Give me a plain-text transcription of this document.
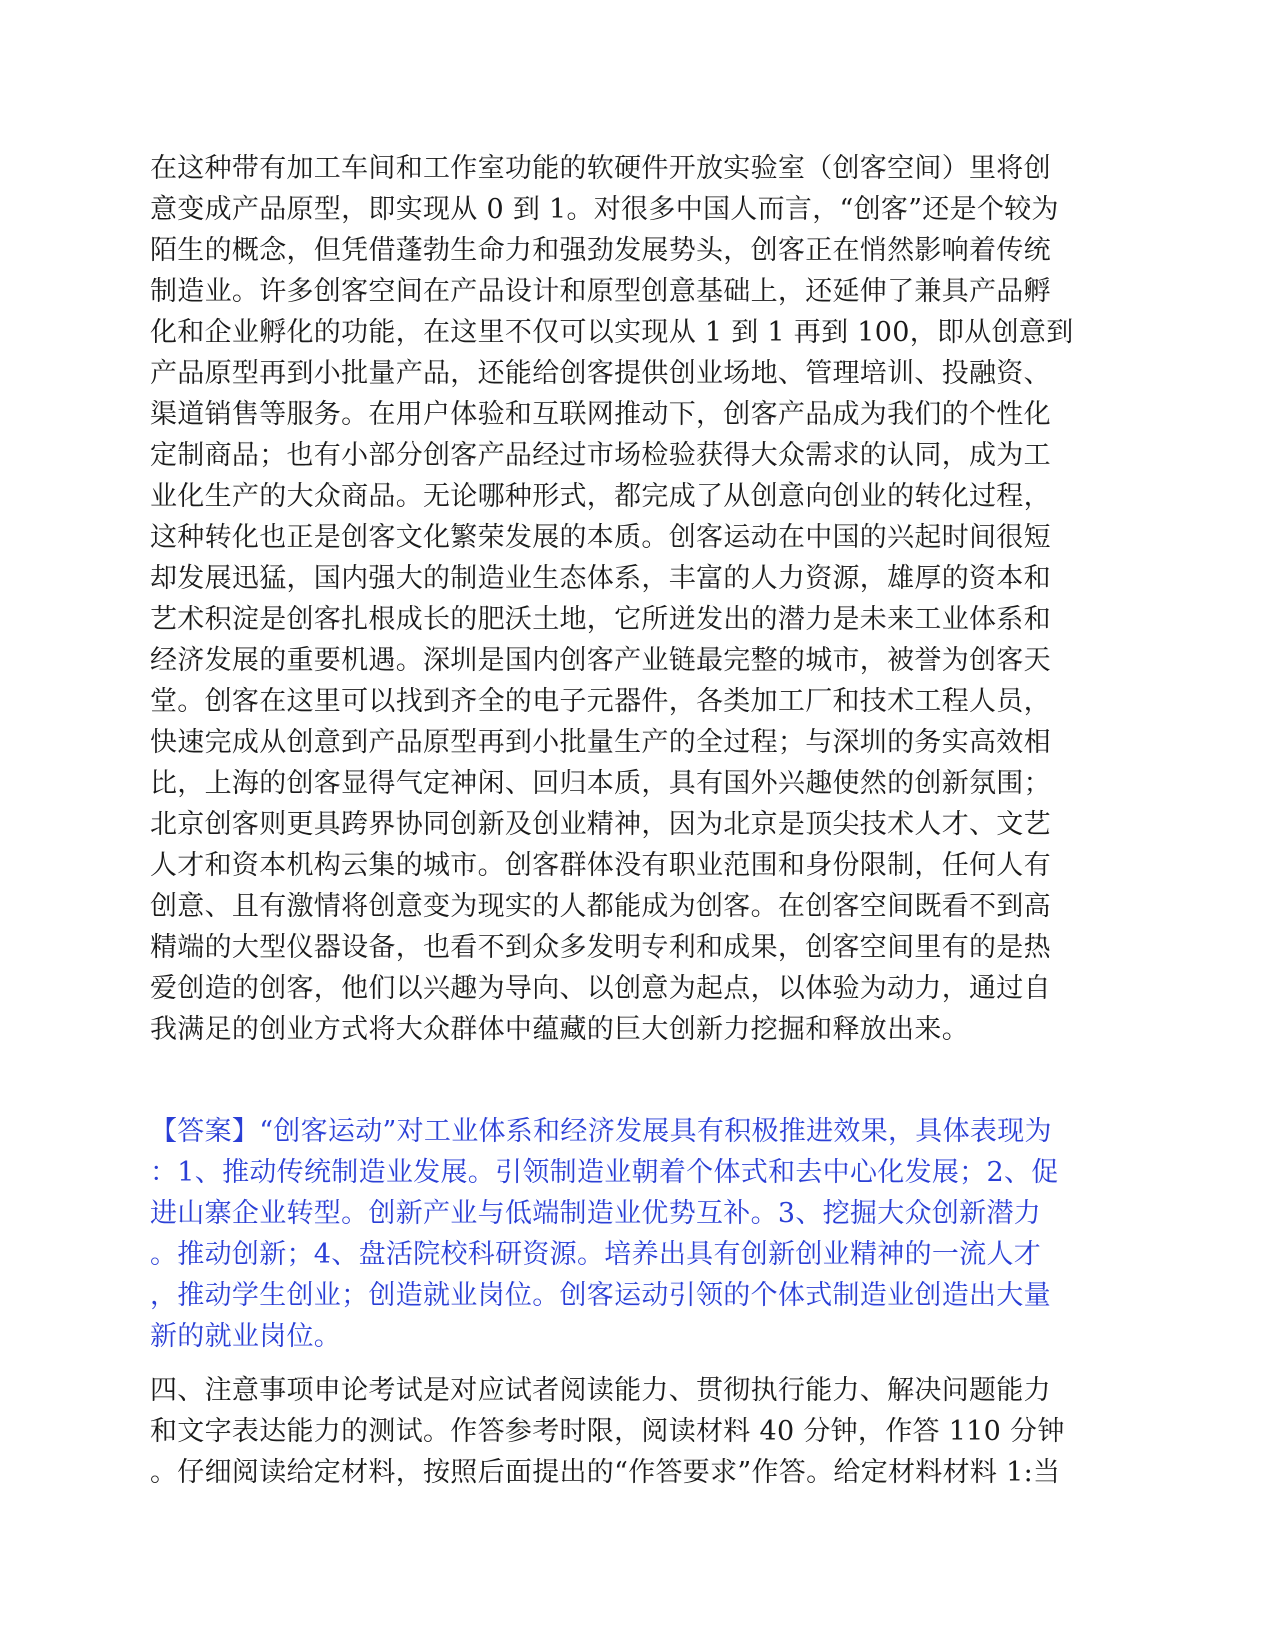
在这种带有加工车间和工作室功能的软硬件开放实验室（创客空间）里将创
意变成产品原型，即实现从 0 到 1。对很多中国人而言，“创客”还是个较为
陌生的概念，但凭借蓬勃生命力和强劲发展势头，创客正在悄然影响着传统
制造业。许多创客空间在产品设计和原型创意基础上，还延伸了兼具产品孵
化和企业孵化的功能，在这里不仅可以实现从 1 到 1 再到 100，即从创意到
产品原型再到小批量产品，还能给创客提供创业场地、管理培训、投融资、
渠道销售等服务。在用户体验和互联网推动下，创客产品成为我们的个性化
定制商品；也有小部分创客产品经过市场检验获得大众需求的认同，成为工
业化生产的大众商品。无论哪种形式，都完成了从创意向创业的转化过程，
这种转化也正是创客文化繁荣发展的本质。创客运动在中国的兴起时间很短
却发展迅猛，国内强大的制造业生态体系，丰富的人力资源，雄厚的资本和
艺术积淀是创客扎根成长的肥沃土地，它所迸发出的潜力是未来工业体系和
经济发展的重要机遇。深圳是国内创客产业链最完整的城市，被誉为创客天
堂。创客在这里可以找到齐全的电子元器件，各类加工厂和技术工程人员，
快速完成从创意到产品原型再到小批量生产的全过程；与深圳的务实高效相
比，上海的创客显得气定神闲、回归本质，具有国外兴趣使然的创新氛围；
北京创客则更具跨界协同创新及创业精神，因为北京是顶尖技术人才、文艺
人才和资本机构云集的城市。创客群体没有职业范围和身份限制，任何人有
创意、且有激情将创意变为现实的人都能成为创客。在创客空间既看不到高
精端的大型仪器设备，也看不到众多发明专利和成果，创客空间里有的是热
爱创造的创客，他们以兴趣为导向、以创意为起点，以体验为动力，通过自
我满足的创业方式将大众群体中蕴藏的巨大创新力挖掘和释放出来。
【答案】“创客运动”对工业体系和经济发展具有积极推进效果，具体表现为
：1、推动传统制造业发展。引领制造业朝着个体式和去中心化发展；2、促
进山寨企业转型。创新产业与低端制造业优势互补。3、挖掘大众创新潜力
。推动创新；4、盘活院校科研资源。培养出具有创新创业精神的一流人才
，推动学生创业；创造就业岗位。创客运动引领的个体式制造业创造出大量
新的就业岗位。
四、注意事项申论考试是对应试者阅读能力、贯彻执行能力、解决问题能力
和文字表达能力的测试。作答参考时限，阅读材料 40 分钟，作答 110 分钟
。仔细阅读给定材料，按照后面提出的“作答要求”作答。给定材料材料 1:当
